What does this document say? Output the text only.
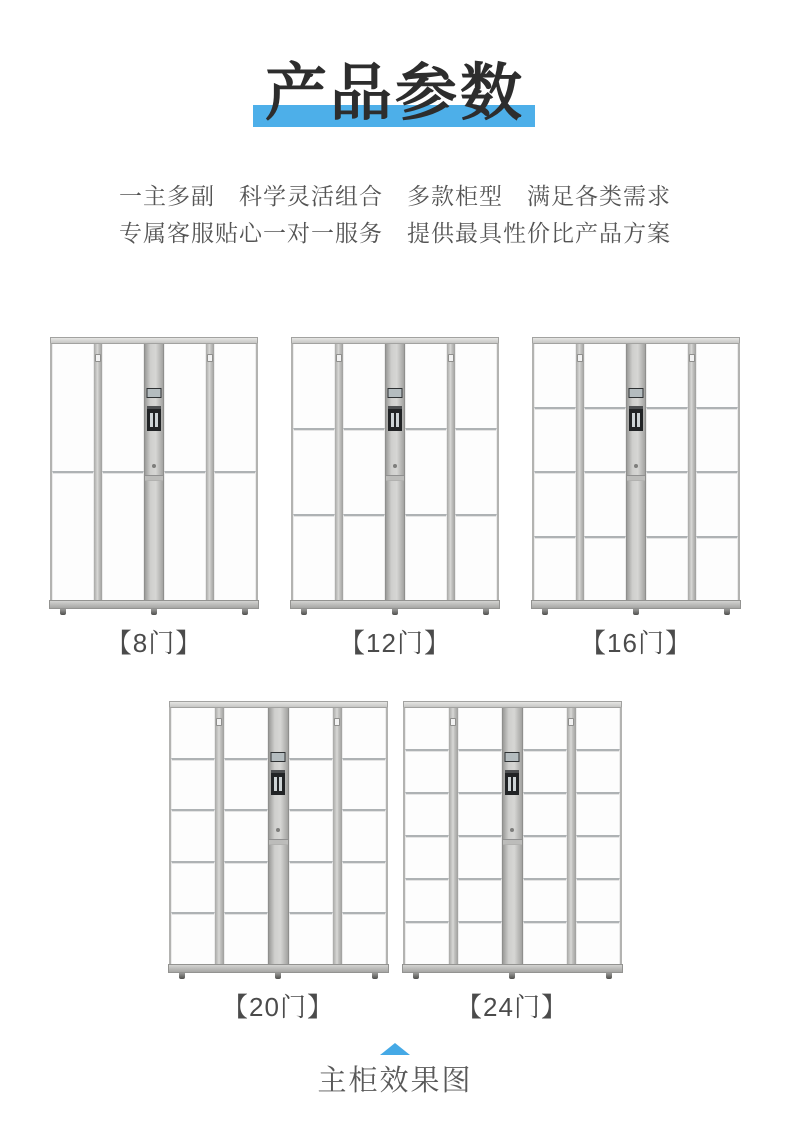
产品参数

一主多副　科学灵活组合　多款柜型　满足各类需求

专属客服贴心一对一服务　提供最具性价比产品方案

【8门】	【12门】	【16门】
【20门】	【24门】

主柜效果图
